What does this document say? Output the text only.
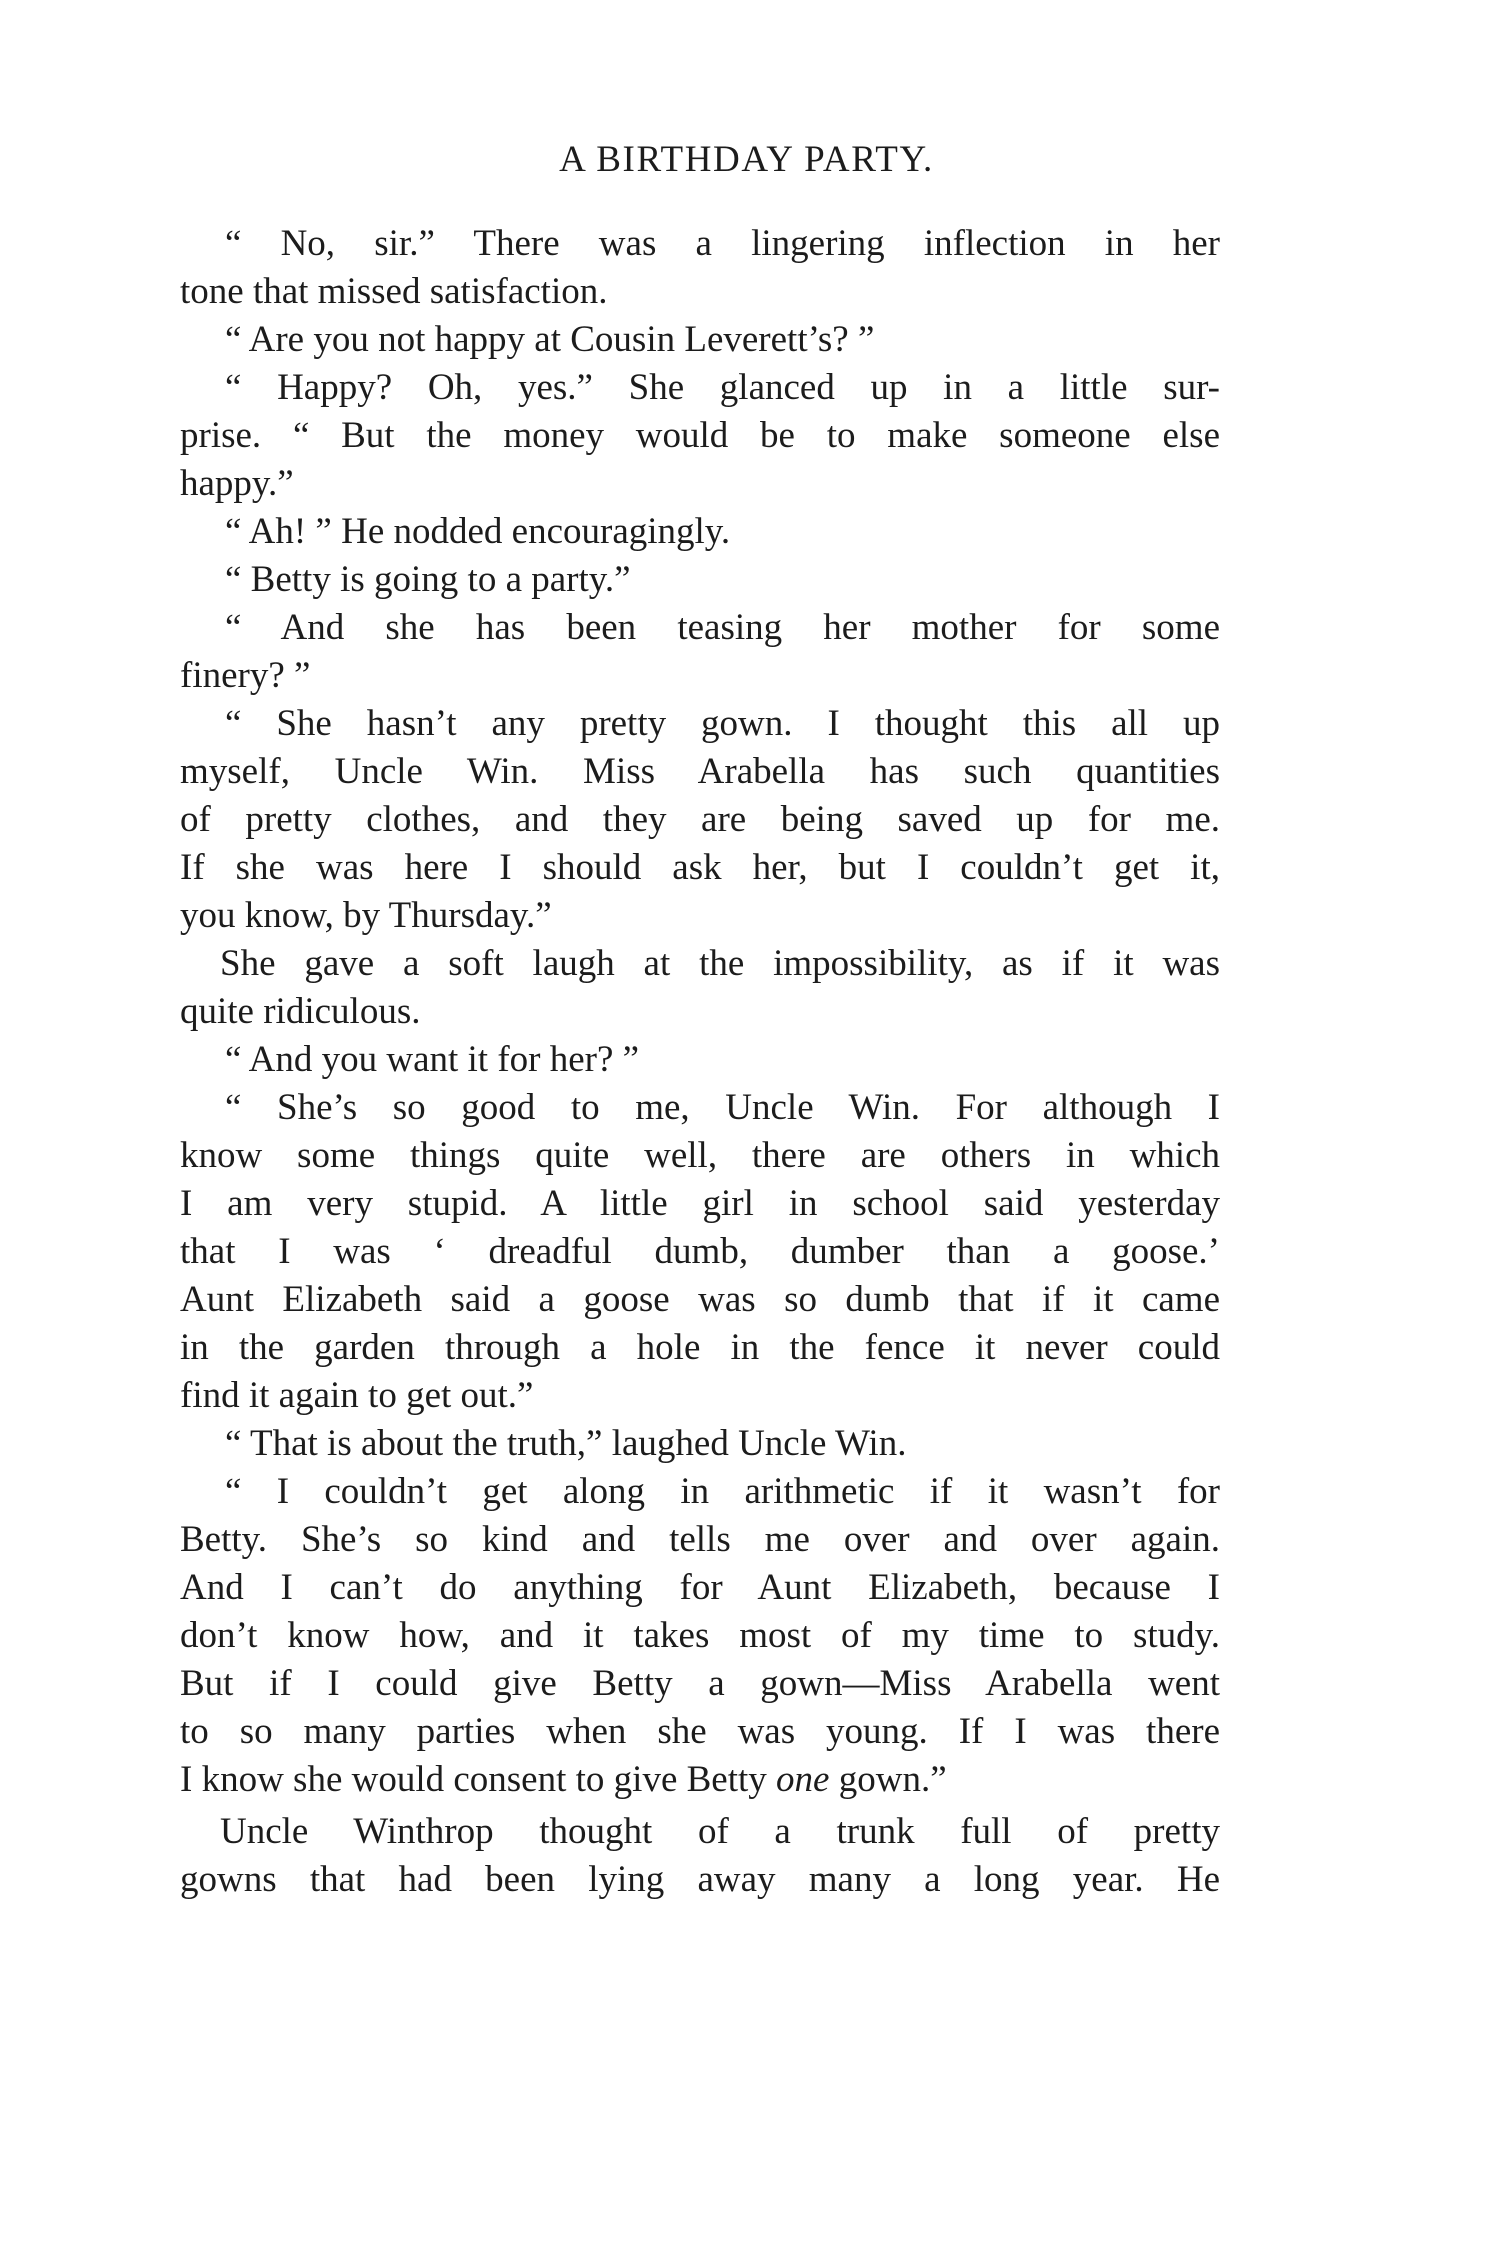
A BIRTHDAY PARTY.
“ No, sir.” There was a lingering inflection in her
tone that missed satisfaction.
“ Are you not happy at Cousin Leverett’s? ”
“ Happy? Oh, yes.” She glanced up in a little sur-
prise. “ But the money would be to make someone else
happy.”
“ Ah! ” He nodded encouragingly.
“ Betty is going to a party.”
“ And she has been teasing her mother for some
finery? ”
“ She hasn’t any pretty gown. I thought this all up
myself, Uncle Win. Miss Arabella has such quantities
of pretty clothes, and they are being saved up for me.
If she was here I should ask her, but I couldn’t get it,
you know, by Thursday.”
She gave a soft laugh at the impossibility, as if it was
quite ridiculous.
“ And you want it for her? ”
“ She’s so good to me, Uncle Win. For although I
know some things quite well, there are others in which
I am very stupid. A little girl in school said yesterday
that I was ‘ dreadful dumb, dumber than a goose.’
Aunt Elizabeth said a goose was so dumb that if it came
in the garden through a hole in the fence it never could
find it again to get out.”
“ That is about the truth,” laughed Uncle Win.
“ I couldn’t get along in arithmetic if it wasn’t for
Betty. She’s so kind and tells me over and over again.
And I can’t do anything for Aunt Elizabeth, because I
don’t know how, and it takes most of my time to study.
But if I could give Betty a gown—Miss Arabella went
to so many parties when she was young. If I was there
I know she would consent to give Betty one gown.”
Uncle Winthrop thought of a trunk full of pretty
gowns that had been lying away many a long year. He
